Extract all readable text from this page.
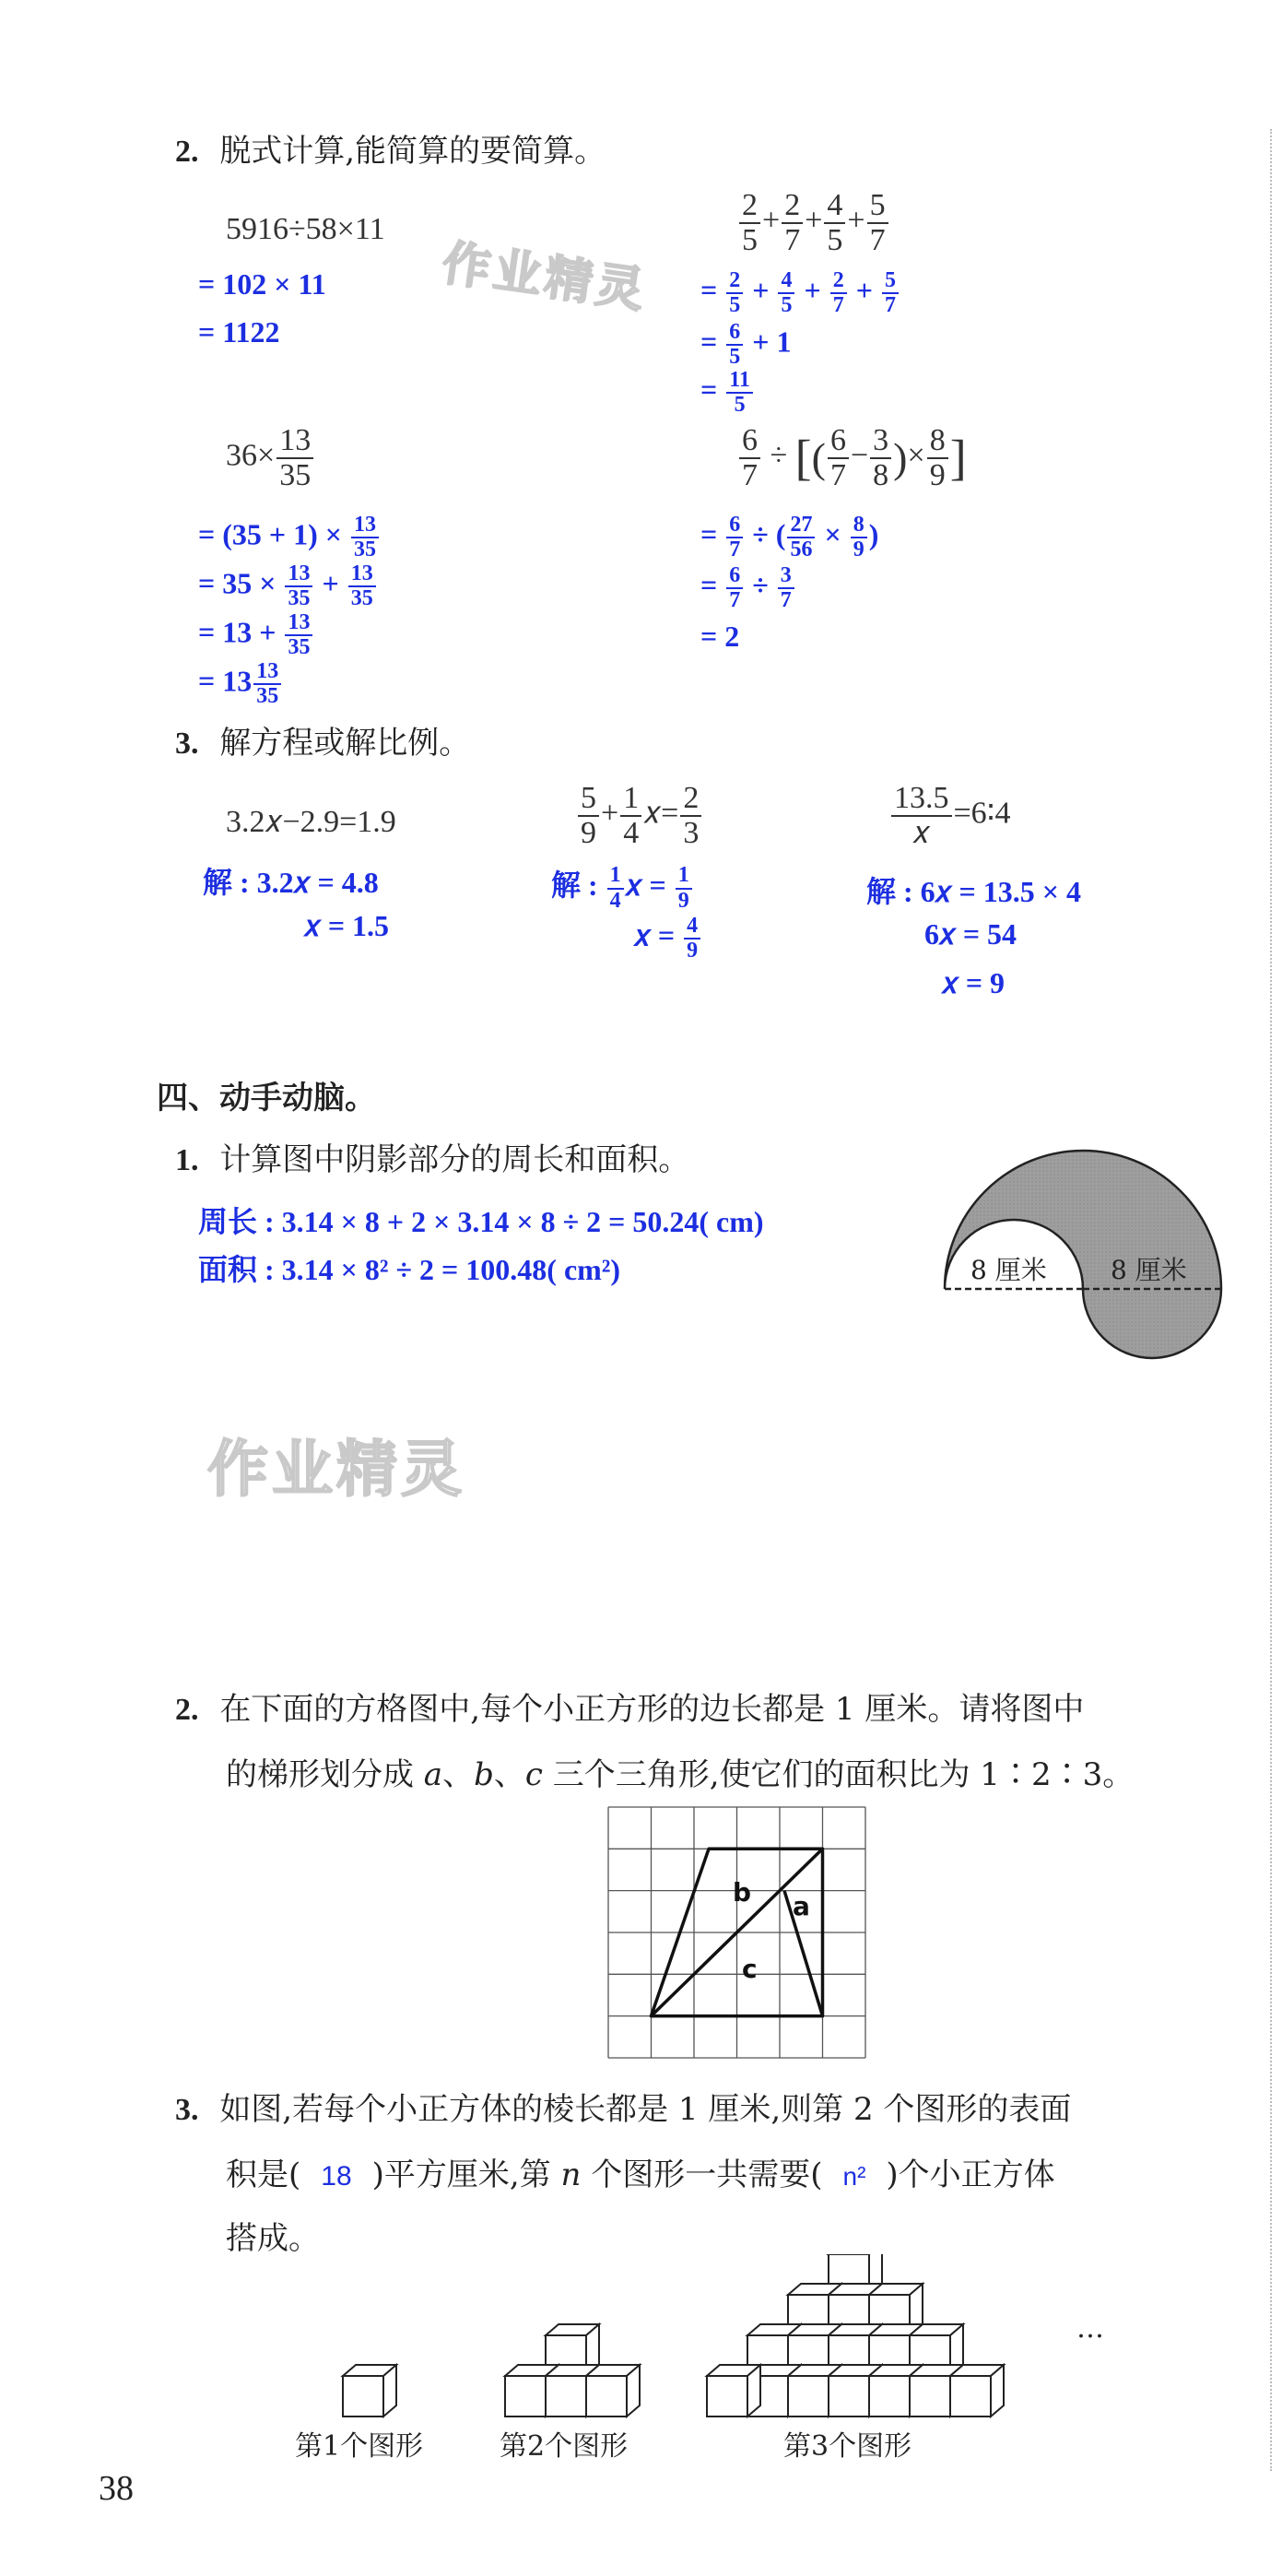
2. 脱式计算,能简算的要简算。
5916÷58×11
= 102 × 11
= 1122
$\frac{2}{5} + \frac{2}{7} + \frac{4}{5} + \frac{5}{7}$
= $\frac{2}{5} + \frac{4}{5} + \frac{2}{7} + \frac{5}{7}$
= $\frac{6}{5} + 1$
= $\frac{11}{5}$
作业精灵
$36\times \frac{13}{35}$
= $(35 + 1) \times \frac{13}{35}$
= $35 \times \frac{13}{35} + \frac{13}{35}$
= $13 + \frac{13}{35}$
= $13 \frac{13}{35}$
$\frac{6}{7}$ ÷ [( $\frac{6}{7} - \frac{3}{8}$ )× $\frac{8}{9}$ ]
= $\frac{6}{7}$ ÷ ( $\frac{27}{56} \times \frac{8}{9}$ )
= $\frac{6}{7} \div \frac{3}{7}$
= 2
3. 解方程或解比例。
3.2𝑥−2.9=1.9
解 : 3.2𝑥 = 4.8
𝑥 = 1.5
$\frac{5}{9} + \frac{1}{4}$ 𝑥= $\frac{2}{3}$
解 : $\frac{1}{4}$ 𝑥 = $\frac{1}{9}$
𝑥 = $\frac{4}{9}$
$\frac{13.5}{\text{𝑥}}$ =6∶4
解 : 6𝑥 = 13.5 × 4
6𝑥 = 54
𝑥 = 9
四、动手动脑。
1. 计算图中阴影部分的周长和面积。
周长 : 3.14 × 8 + 2 × 3.14 × 8 ÷ 2 = 50.24( cm)
面积 : 3.14 × 8² ÷ 2 = 100.48( cm²)	8 厘米 8 厘米
作业精灵
2. 在下面的方格图中,每个小正方形的边长都是 1 厘米。请将图中
的梯形划分成 𝑎、𝑏、𝑐 三个三角形,使它们的面积比为 1∶2∶3。
b a
c
3. 如图,若每个小正方体的棱长都是 1 厘米,则第 2 个图形的表面
积是( 18 )平方厘米,第 𝑛 个图形一共需要( n² )个小正方体
搭成。
…
第1个图形	第2个图形	第3个图形
38
